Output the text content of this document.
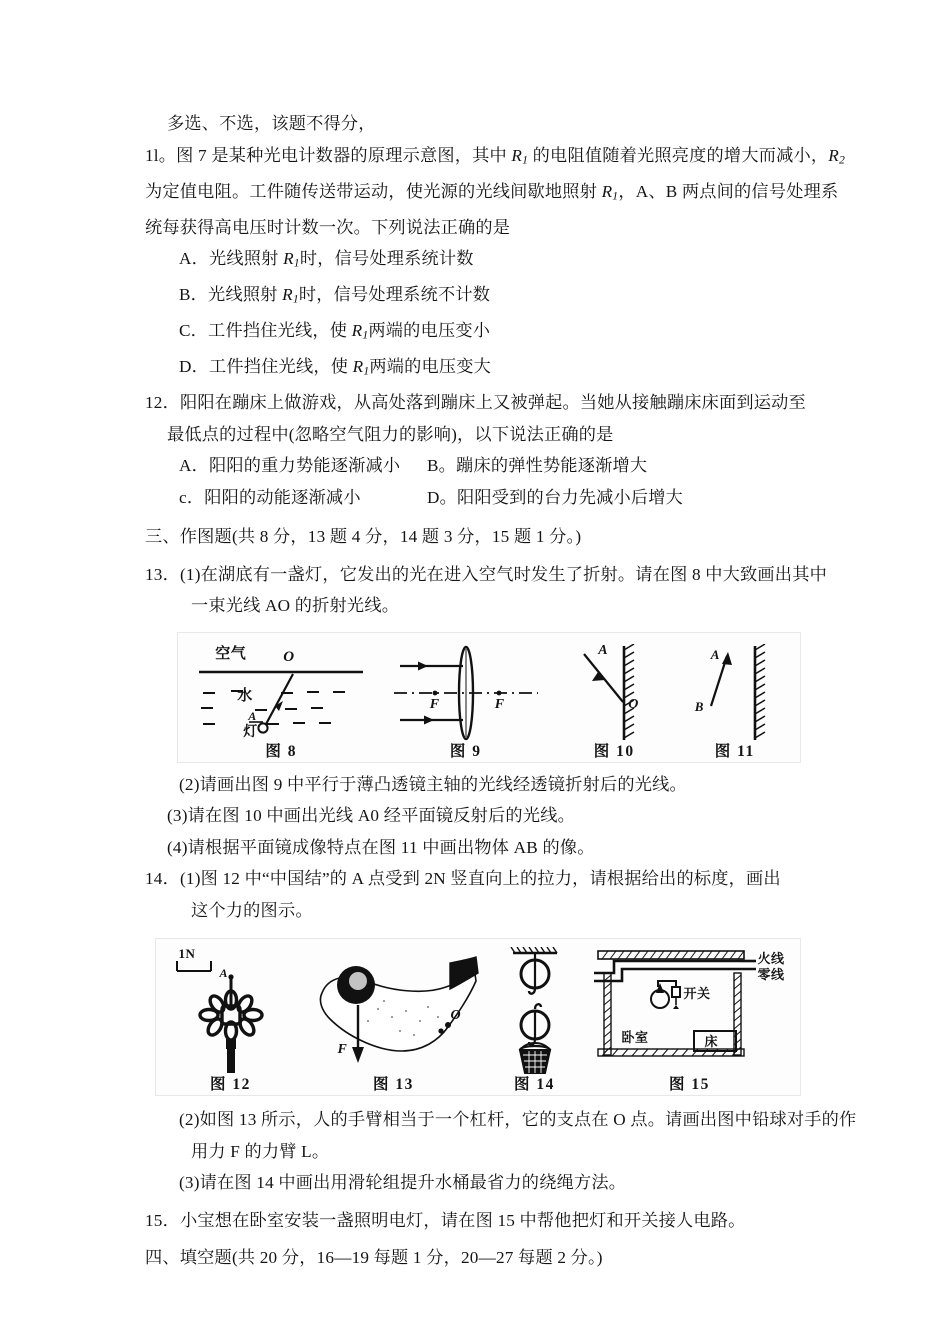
多选、不选，该题不得分，
1l。图 7 是某种光电计数器的原理示意图，其中 $R_1$ 的电阻值随着光照亮度的增大而减小，$R_2$
为定值电阻。工件随传送带运动，使光源的光线间歇地照射 $R_1$，A、B 两点间的信号处理系
统每获得高电压时计数一次。下列说法正确的是
A．光线照射 $R_1$时，信号处理系统计数
B．光线照射 $R_1$时，信号处理系统不计数
C．工件挡住光线，使 $R_1$两端的电压变小
D．工件挡住光线，使 $R_1$两端的电压变大
12．阳阳在蹦床上做游戏，从高处落到蹦床上又被弹起。当她从接触蹦床床面到运动至
最低点的过程中(忽略空气阻力的影响)，以下说法正确的是
A．阳阳的重力势能逐渐减小	B。蹦床的弹性势能逐渐增大
c．阳阳的动能逐渐减小	D。阳阳受到的台力先减小后增大
三、作图题(共 8 分，13 题 4 分，14 题 3 分，15 题 1 分。)
13．(1)在湖底有一盏灯，它发出的光在进入空气时发生了折射。请在图 8 中大致画出其中
一束光线 AO 的折射光线。
空气 O
水
A
灯
图 8
F	F
图 9
A
O
图 10
A
B
图 11
(2)请画出图 9 中平行于薄凸透镜主轴的光线经透镜折射后的光线。
(3)请在图 10 中画出光线 A0 经平面镜反射后的光线。
(4)请根据平面镜成像特点在图 11 中画出物体 AB 的像。
14．(1)图 12 中“中国结”的 A 点受到 2N 竖直向上的拉力，请根据给出的标度，画出
这个力的图示。
1N
A
图 12
F
O
图 13	图 14
火线
零线
开关
卧室	床
图 15
(2)如图 13 所示，人的手臂相当于一个杠杆，它的支点在 O 点。请画出图中铅球对手的作
用力 F 的力臂 L。
(3)请在图 14 中画出用滑轮组提升水桶最省力的绕绳方法。
15．小宝想在卧室安装一盏照明电灯，请在图 15 中帮他把灯和开关接人电路。
四、填空题(共 20 分，16—19 每题 1 分，20—27 每题 2 分。)
